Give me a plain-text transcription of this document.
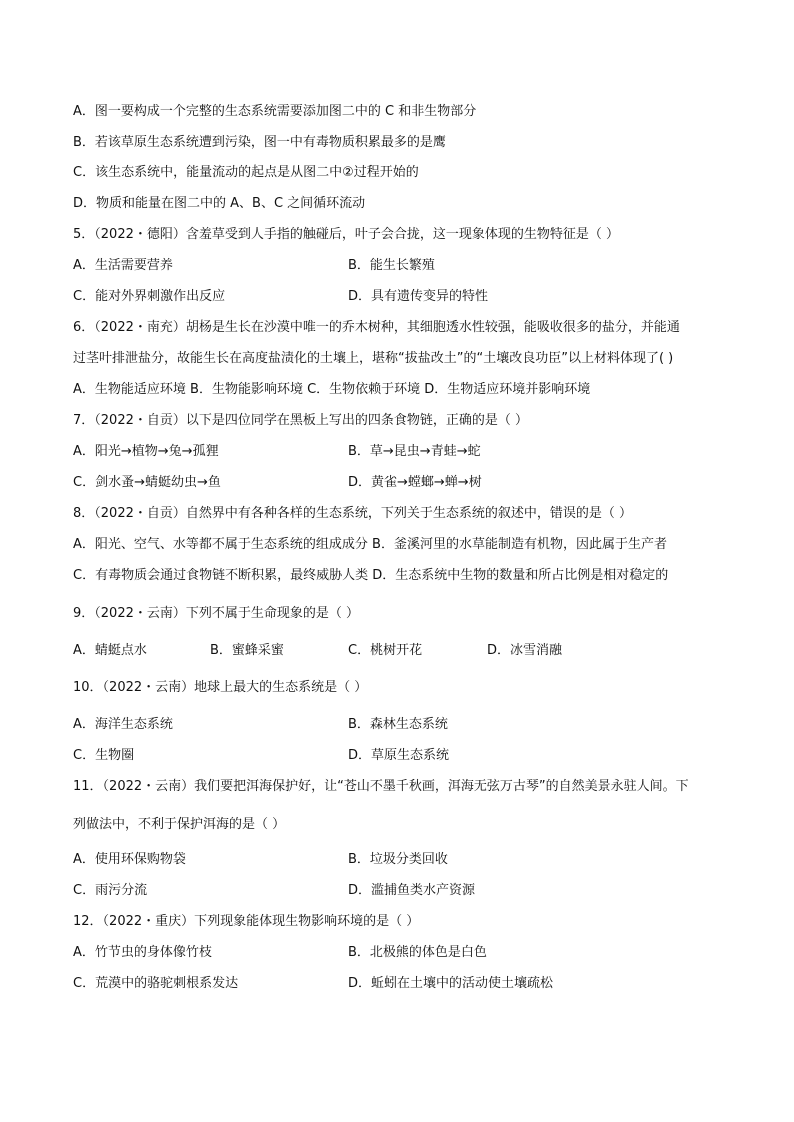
A．图一要构成一个完整的生态系统需要添加图二中的 C 和非生物部分
B．若该草原生态系统遭到污染，图一中有毒物质积累最多的是鹰
C．该生态系统中，能量流动的起点是从图二中②过程开始的
D．物质和能量在图二中的 A、B、C 之间循环流动
5．（2022・德阳）含羞草受到人手指的触碰后，叶子会合拢，这一现象体现的生物特征是（ ）
A．生活需要营养	B．能生长繁殖
C．能对外界刺激作出反应	D．具有遗传变异的特性
6．（2022・南充）胡杨是生长在沙漠中唯一的乔木树种，其细胞透水性较强，能吸收很多的盐分，并能通
过茎叶排泄盐分，故能生长在高度盐渍化的土壤上，堪称“拔盐改土”的“土壤改良功臣”以上材料体现了( )
A．生物能适应环境 B．生物能影响环境 C．生物依赖于环境 D．生物适应环境并影响环境
7．（2022・自贡）以下是四位同学在黑板上写出的四条食物链，正确的是（ ）
A．阳光→植物→兔→孤狸	B．草→昆虫→青蛙→蛇
C．剑水蚤→蜻蜓幼虫→鱼	D．黄雀→螳螂→蝉→树
8．（2022・自贡）自然界中有各种各样的生态系统，下列关于生态系统的叙述中，错误的是（ ）
A．阳光、空气、水等都不属于生态系统的组成成分 B．釜溪河里的水草能制造有机物，因此属于生产者
C．有毒物质会通过食物链不断积累，最终威胁人类 D．生态系统中生物的数量和所占比例是相对稳定的
9．（2022・云南）下列不属于生命现象的是（ ）
A．蜻蜓点水	B．蜜蜂采蜜	C．桃树开花	D．冰雪消融
10．（2022・云南）地球上最大的生态系统是（ ）
A．海洋生态系统	B．森林生态系统
C．生物圈	D．草原生态系统
11．（2022・云南）我们要把洱海保护好，让“苍山不墨千秋画，洱海无弦万古琴”的自然美景永驻人间。下
列做法中，不利于保护洱海的是（ ）
A．使用环保购物袋	B．垃圾分类回收
C．雨污分流	D．滥捕鱼类水产资源
12．（2022・重庆）下列现象能体现生物影响环境的是（ ）
A．竹节虫的身体像竹枝	B．北极熊的体色是白色
C．荒漠中的骆驼刺根系发达	D．蚯蚓在土壤中的活动使土壤疏松
